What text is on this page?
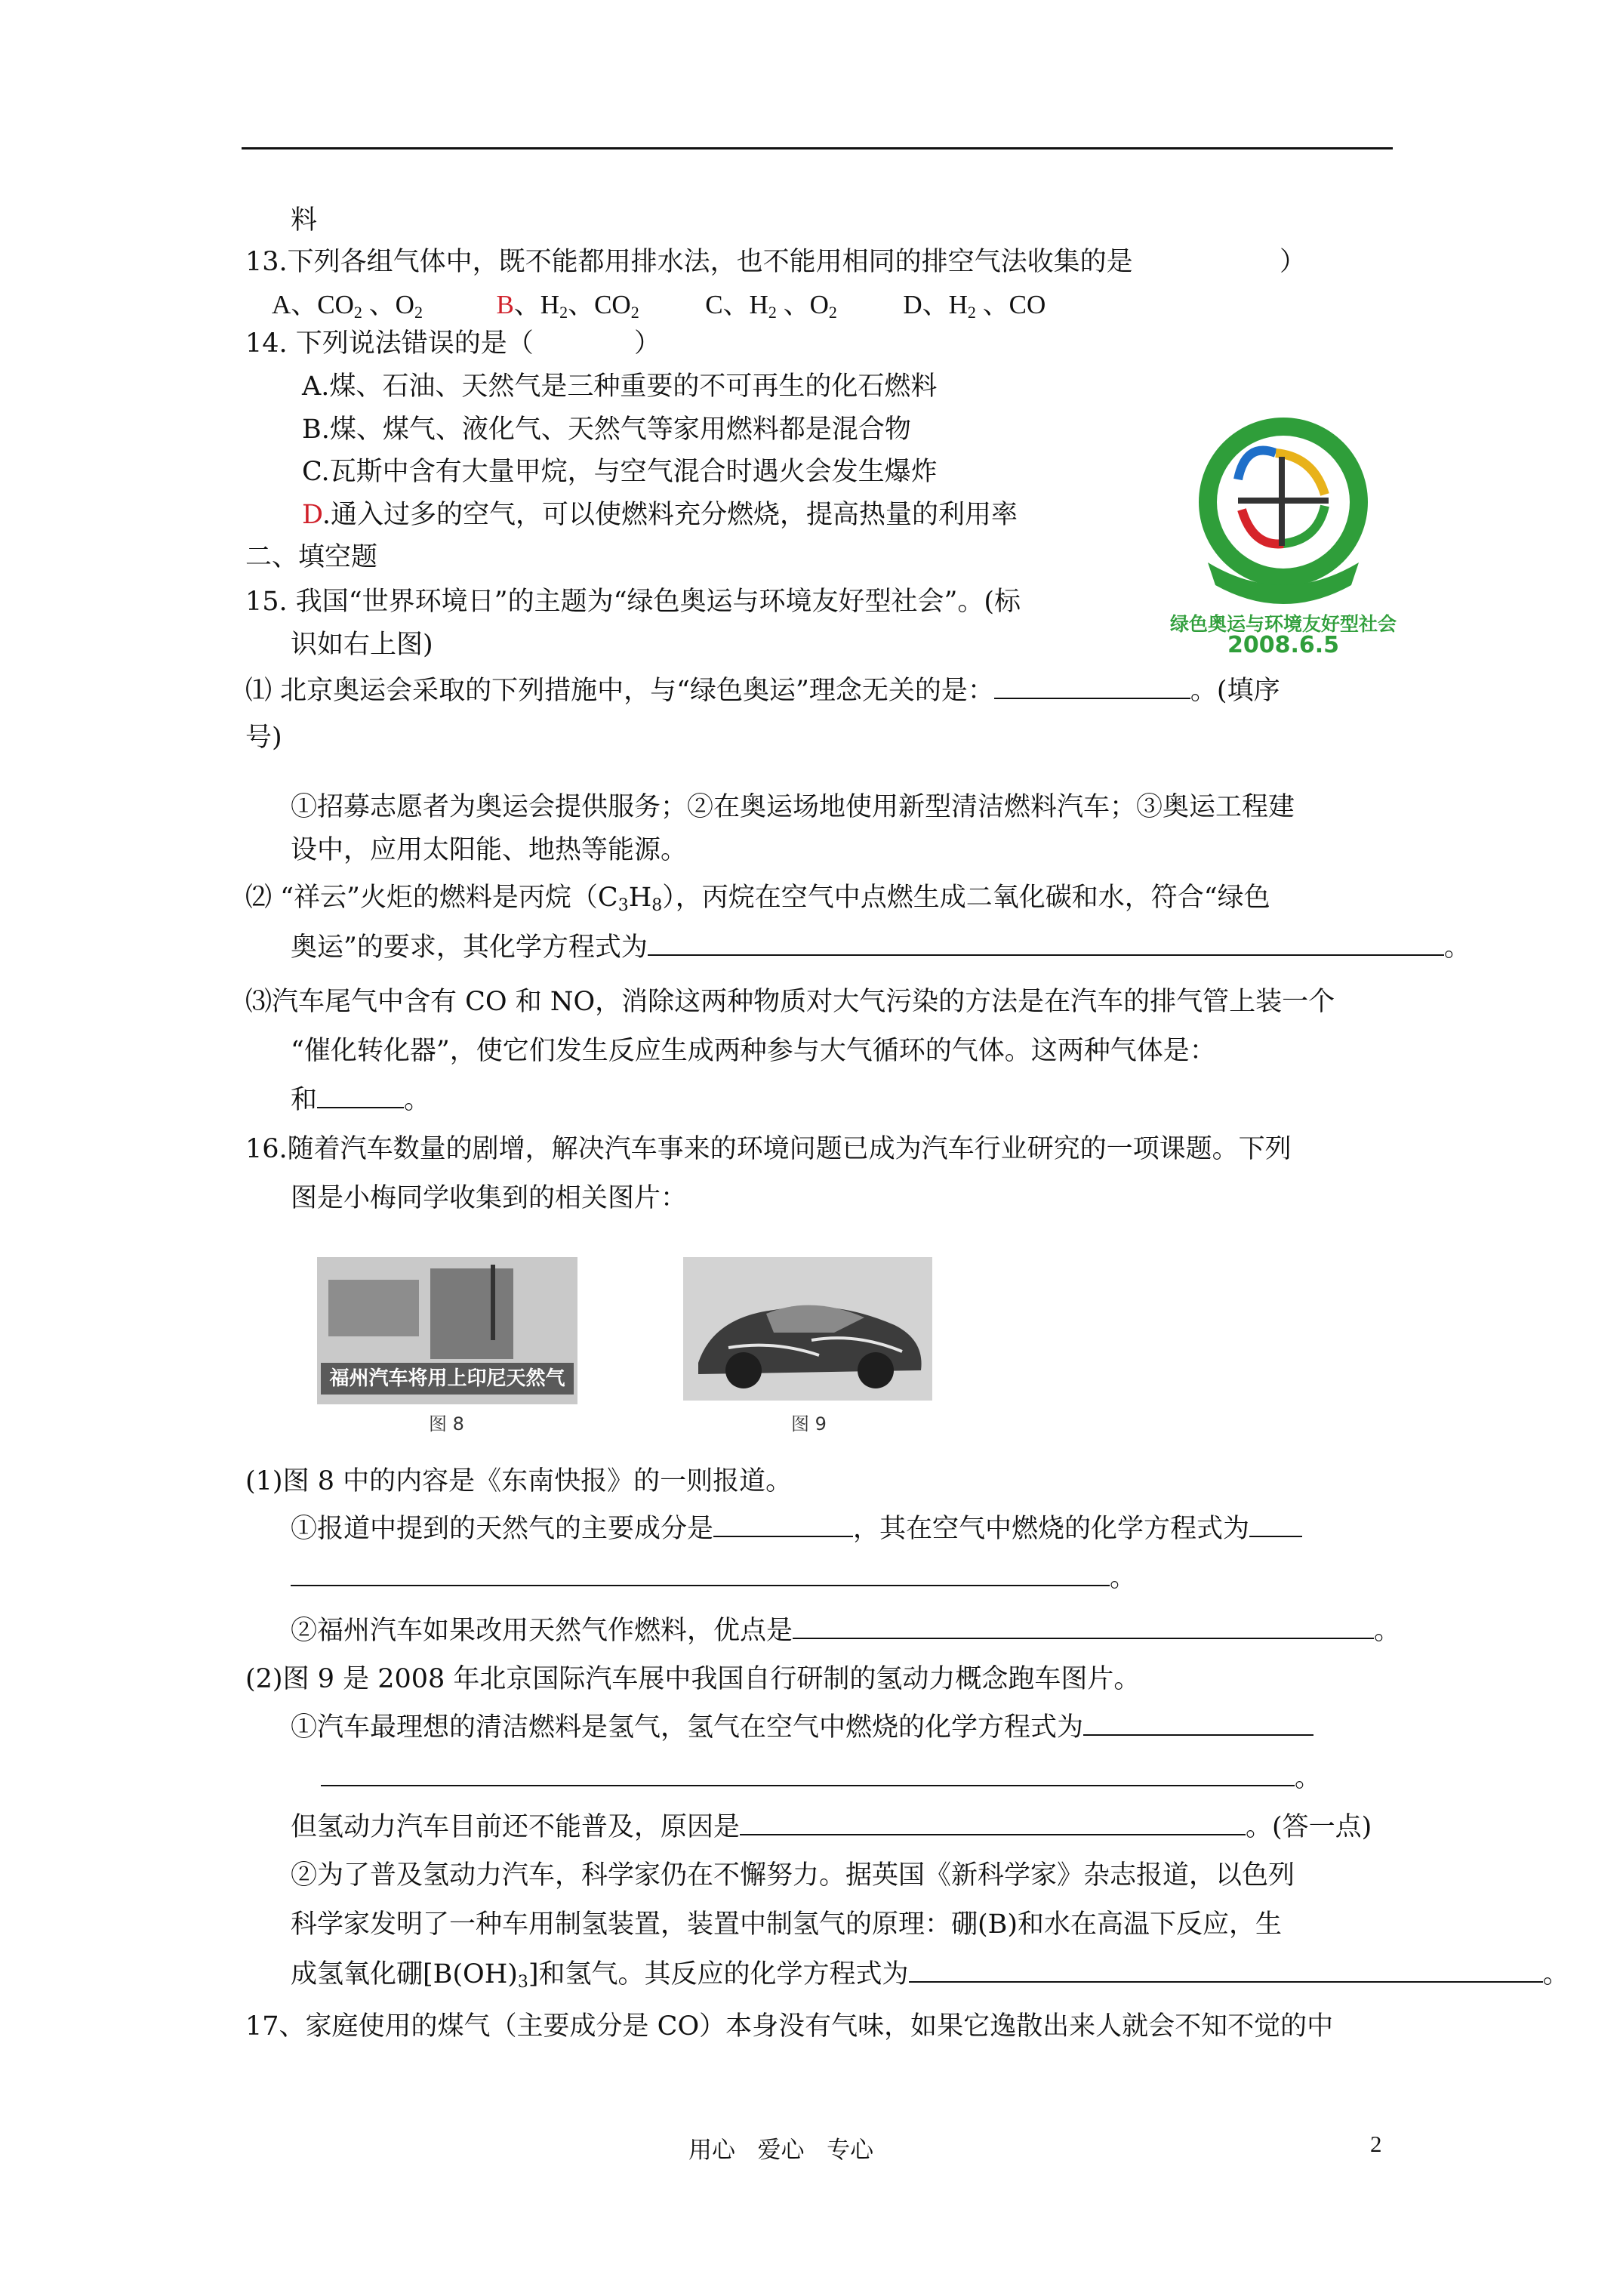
料
13.下列各组气体中，既不能都用排水法，也不能用相同的排空气法收集的是	）
A、$CO_2$ 、$O_2$	B、$H_2$、$CO_2$	C、$H_2$ 、$O_2$	D、$H_2$ 、CO
14. 下列说法错误的是（	）
A.煤、石油、天然气是三种重要的不可再生的化石燃料
B.煤、煤气、液化气、天然气等家用燃料都是混合物
C.瓦斯中含有大量甲烷，与空气混合时遇火会发生爆炸
D.通入过多的空气，可以使燃料充分燃烧，提高热量的利用率
绿色奥运与环境友好型社会
2008.6.5
二、填空题
15. 我国“世界环境日”的主题为“绿色奥运与环境友好型社会”。(标
识如右上图)
⑴ 北京奥运会采取的下列措施中，与“绿色奥运”理念无关的是：	。(填序
号)
①招募志愿者为奥运会提供服务；②在奥运场地使用新型清洁燃料汽车；③奥运工程建
设中，应用太阳能、地热等能源。
⑵ “祥云”火炬的燃料是丙烷$(C_3H_8)$，丙烷在空气中点燃生成二氧化碳和水，符合“绿色
奥运”的要求，其化学方程式为	。
⑶汽车尾气中含有 CO 和 NO，消除这两种物质对大气污染的方法是在汽车的排气管上装一个
“催化转化器”，使它们发生反应生成两种参与大气循环的气体。这两种气体是：
和	。
16.随着汽车数量的剧增，解决汽车事来的环境问题已成为汽车行业研究的一项课题。下列
图是小梅同学收集到的相关图片：
福州汽车将用上印尼天然气
图 8	图 9
(1)图 8 中的内容是《东南快报》的一则报道。
①报道中提到的天然气的主要成分是	，其在空气中燃烧的化学方程式为
。
②福州汽车如果改用天然气作燃料，优点是	。
(2)图 9 是 2008 年北京国际汽车展中我国自行研制的氢动力概念跑车图片。
①汽车最理想的清洁燃料是氢气，氢气在空气中燃烧的化学方程式为
。
但氢动力汽车目前还不能普及，原因是	。(答一点)
②为了普及氢动力汽车，科学家仍在不懈努力。据英国《新科学家》杂志报道，以色列
科学家发明了一种车用制氢装置，装置中制氢气的原理：硼(B)和水在高温下反应，生
成氢氧化硼$[B(OH)_3]$和氢气。其反应的化学方程式为	。
17、家庭使用的煤气（主要成分是 CO）本身没有气味，如果它逸散出来人就会不知不觉的中
用心   爱心   专心	2
